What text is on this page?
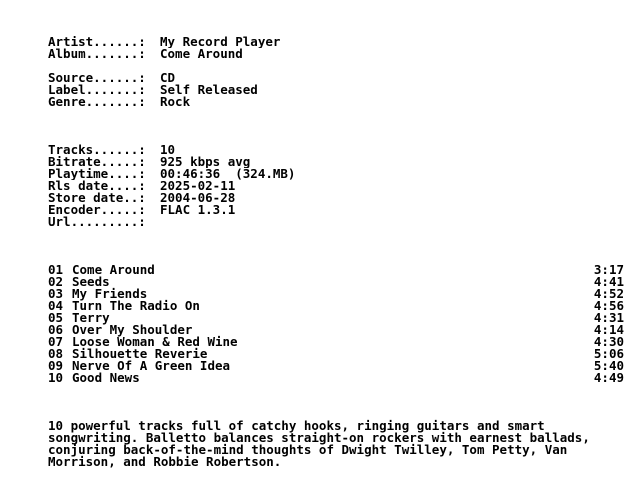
Artist......: My Record Player
Album.......: Come Around
Source......: CD
Label.......: Self Released
Genre.......: Rock
Tracks......: 10
Bitrate.....: 925 kbps avg
Playtime....: 00:46:36  (324.MB)
Rls date....: 2025-02-11
Store date..: 2004-06-28
Encoder.....: FLAC 1.3.1
Url.........:
01 Come Around	3:17
02 Seeds	4:41
03 My Friends	4:52
04 Turn The Radio On	4:56
05 Terry	4:31
06 Over My Shoulder	4:14
07 Loose Woman & Red Wine	4:30
08 Silhouette Reverie	5:06
09 Nerve Of A Green Idea	5:40
10 Good News	4:49
10 powerful tracks full of catchy hooks, ringing guitars and smart
songwriting. Balletto balances straight-on rockers with earnest ballads,
conjuring back-of-the-mind thoughts of Dwight Twilley, Tom Petty, Van
Morrison, and Robbie Robertson.
